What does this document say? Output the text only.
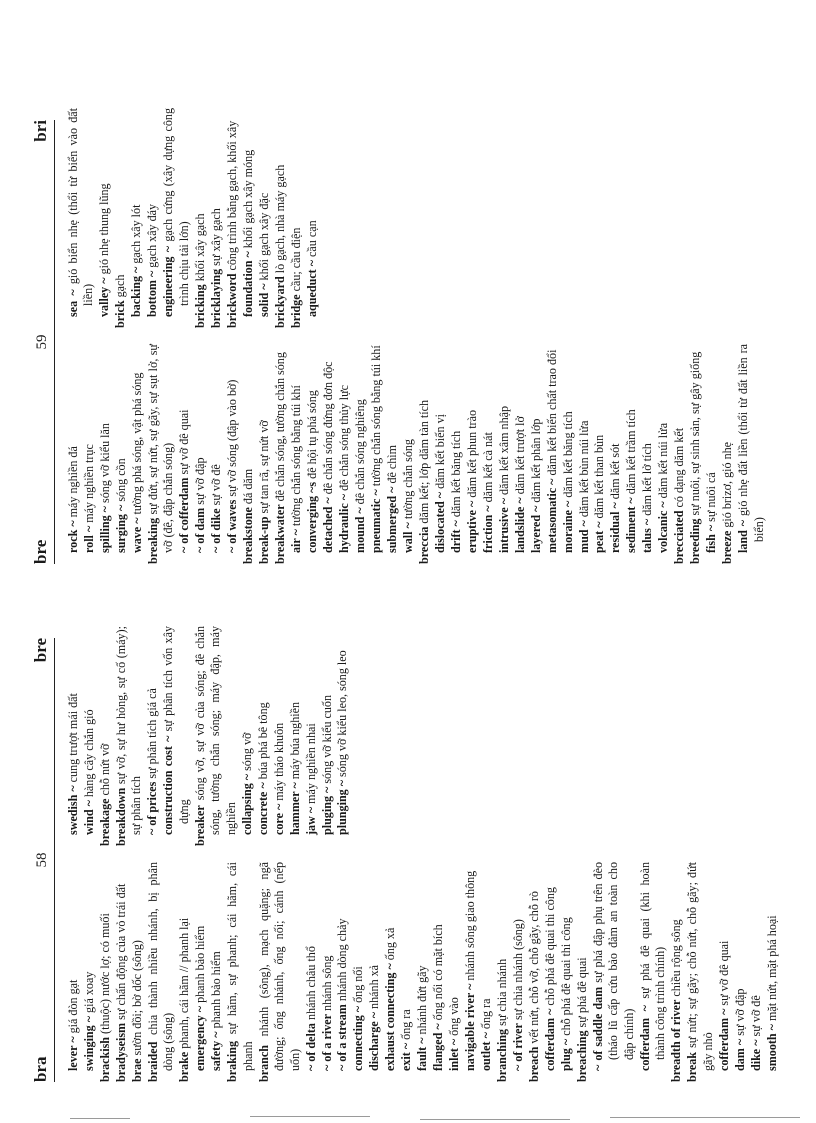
bra
58
bre
lever ~ giá đòn gạt
swinging ~ giá xoay
brackish (thuộc) nước lợ; có muối
bradyseism sự chấn động của vỏ trái đất
brae sườn đồi; bờ dốc (sông)
braided chia thành nhiều nhánh, bị phân dòng (sông) brake phanh, cái hãm // phanh lại emergency ~ phanh bảo hiểm
safety ~ phanh bảo hiểm
braking sự hãm, sự phanh; cái hãm, cái phanh branch nhánh (sông), mạch quặng; ngã đường; ống nhánh, ống nối; cánh (nếp uốn) ~ of delta nhánh châu thổ
~ of a river nhánh sông
~ of a stream nhánh dòng chảy
connecting ~ ống nối
discharge ~ nhánh xả exhaust connecting ~ ống xả
exit ~ ống ra
fault ~ nhánh đứt gãy
flanged ~ ống nối có mặt bích
inlet ~ ống vào navigable river ~ nhánh sông giao thông
outlet ~ ống ra
branching sự chia nhánh
~ of river sự chia nhánh (sông)
breach vết nứt, chỗ vỡ, chỗ gãy, chỗ rò cofferdam ~ chỗ phá đê quai thi công
plug ~ chỗ phá đê quai thi công
breaching sự phá đê quai ~ of saddle dam sự phá đập phụ trên đèo (tháo lũ cấp cứu bảo đảm an toàn cho đập chính) cofferdam ~ sự phá đê quai (khi hoàn thành công trình chính) breadth of river chiều rộng sông
break sự nứt; sự gãy; chỗ nứt, chỗ gãy; đứt gãy nhỏ cofferdam ~ sự vỡ đê quai
dam ~ sự vỡ đập
dike ~ sự vỡ đê
smooth ~ mặt nứt, mặt phá hoại
swedish ~ cung trượt mái đất
wind ~ hàng cây chắn gió
breakage chỗ nứt vỡ
breakdown sự vỡ, sự hư hỏng, sự cố (máy); sự phân tích ~ of prices sự phân tích giá cả
construction cost ~ sự phân tích vốn xây dựng breaker sóng vỡ, sự vỡ của sóng; đê chắn sóng, tường chắn sóng; máy đập, máy nghiền collapsing ~ sóng vỡ
concrete ~ búa phá bê tông
core ~ máy tháo khuôn
hammer ~ máy búa nghiền
jaw ~ máy nghiền nhai
pluging ~ sóng vỡ kiểu cuốn
plunging ~ sóng vỡ kiểu leo, sóng leo
bre
59
bri
rock ~ máy nghiền đá
roll ~ máy nghiền trục
spilling ~ sóng vỡ kiểu lăn
surging ~ sóng cồn
wave ~ tường phá sóng, vật phá sóng
breaking sự đứt, sự nứt, sự gãy, sự sụt lở, sự vỡ (đê, đập chắn sóng) ~ of cofferdam sự vỡ đê quai
~ of dam sự vỡ đập
~ of dike sự vỡ đê
~ of waves sự vỡ sóng (đập vào bờ)
breakstone đá dăm
break-up sự tan rã, sự nứt vỡ
breakwater đê chắn sóng, tường chắn sóng
air ~ tường chắn sóng bằng túi khí converging ~s đê hội tụ phá sóng
detached ~ đê chắn sóng đứng đơn độc
hydraulic ~ đê chắn sóng thủy lực
mound ~ đê chắn sóng nghiêng
pneumatic ~ tường chắn sóng bằng túi khí
submerged ~ đê chìm
wall ~ tường chắn sóng
breccia dăm kết; lớp dăm tàn tích dislocated ~ dăm kết biến vị
drift ~ dăm kết băng tích
eruptive ~ dăm kết phun trào
friction ~ dăm kết cà nát
intrusive ~ dăm kết xâm nhập
landslide ~ dăm kết trượt lở
layered ~ dăm kết phân lớp
metasomatic ~ dăm kết biến chất trao đổi
moraine ~ dăm kết băng tích
mud ~ dăm kết bùn núi lửa
peat ~ dăm kết than bùn
residual ~ dăm kết sót
sediment ~ dăm kết trầm tích
talus ~ dăm kết lở tích
volcanic ~ dăm kết núi lửa
brecciated có dạng dăm kết
breeding sự nuôi, sự sinh sản, sự gây giống
fish ~ sự nuôi cá
breeze gió brizơ, gió nhẹ
land ~ gió nhẹ đất liền (thổi từ đất liền ra biển)
sea ~ gió biển nhẹ (thổi từ biển vào đất liền) valley ~ gió nhẹ thung lũng
brick gạch backing ~ gạch xây lót
bottom ~ gạch xây đáy
engineering ~ gạch cứng (xây dựng công trình chịu tải lớn)
bricking khối xây gạch
bricklaying sự xây gạch
brickword công trình bằng gạch, khối xây
foundation ~ khối gạch xây móng
solid ~ khối gạch xây đặc
brickyard lò gạch, nhà máy gạch
bridge cầu; cầu điện aqueduct ~ cầu cạn
